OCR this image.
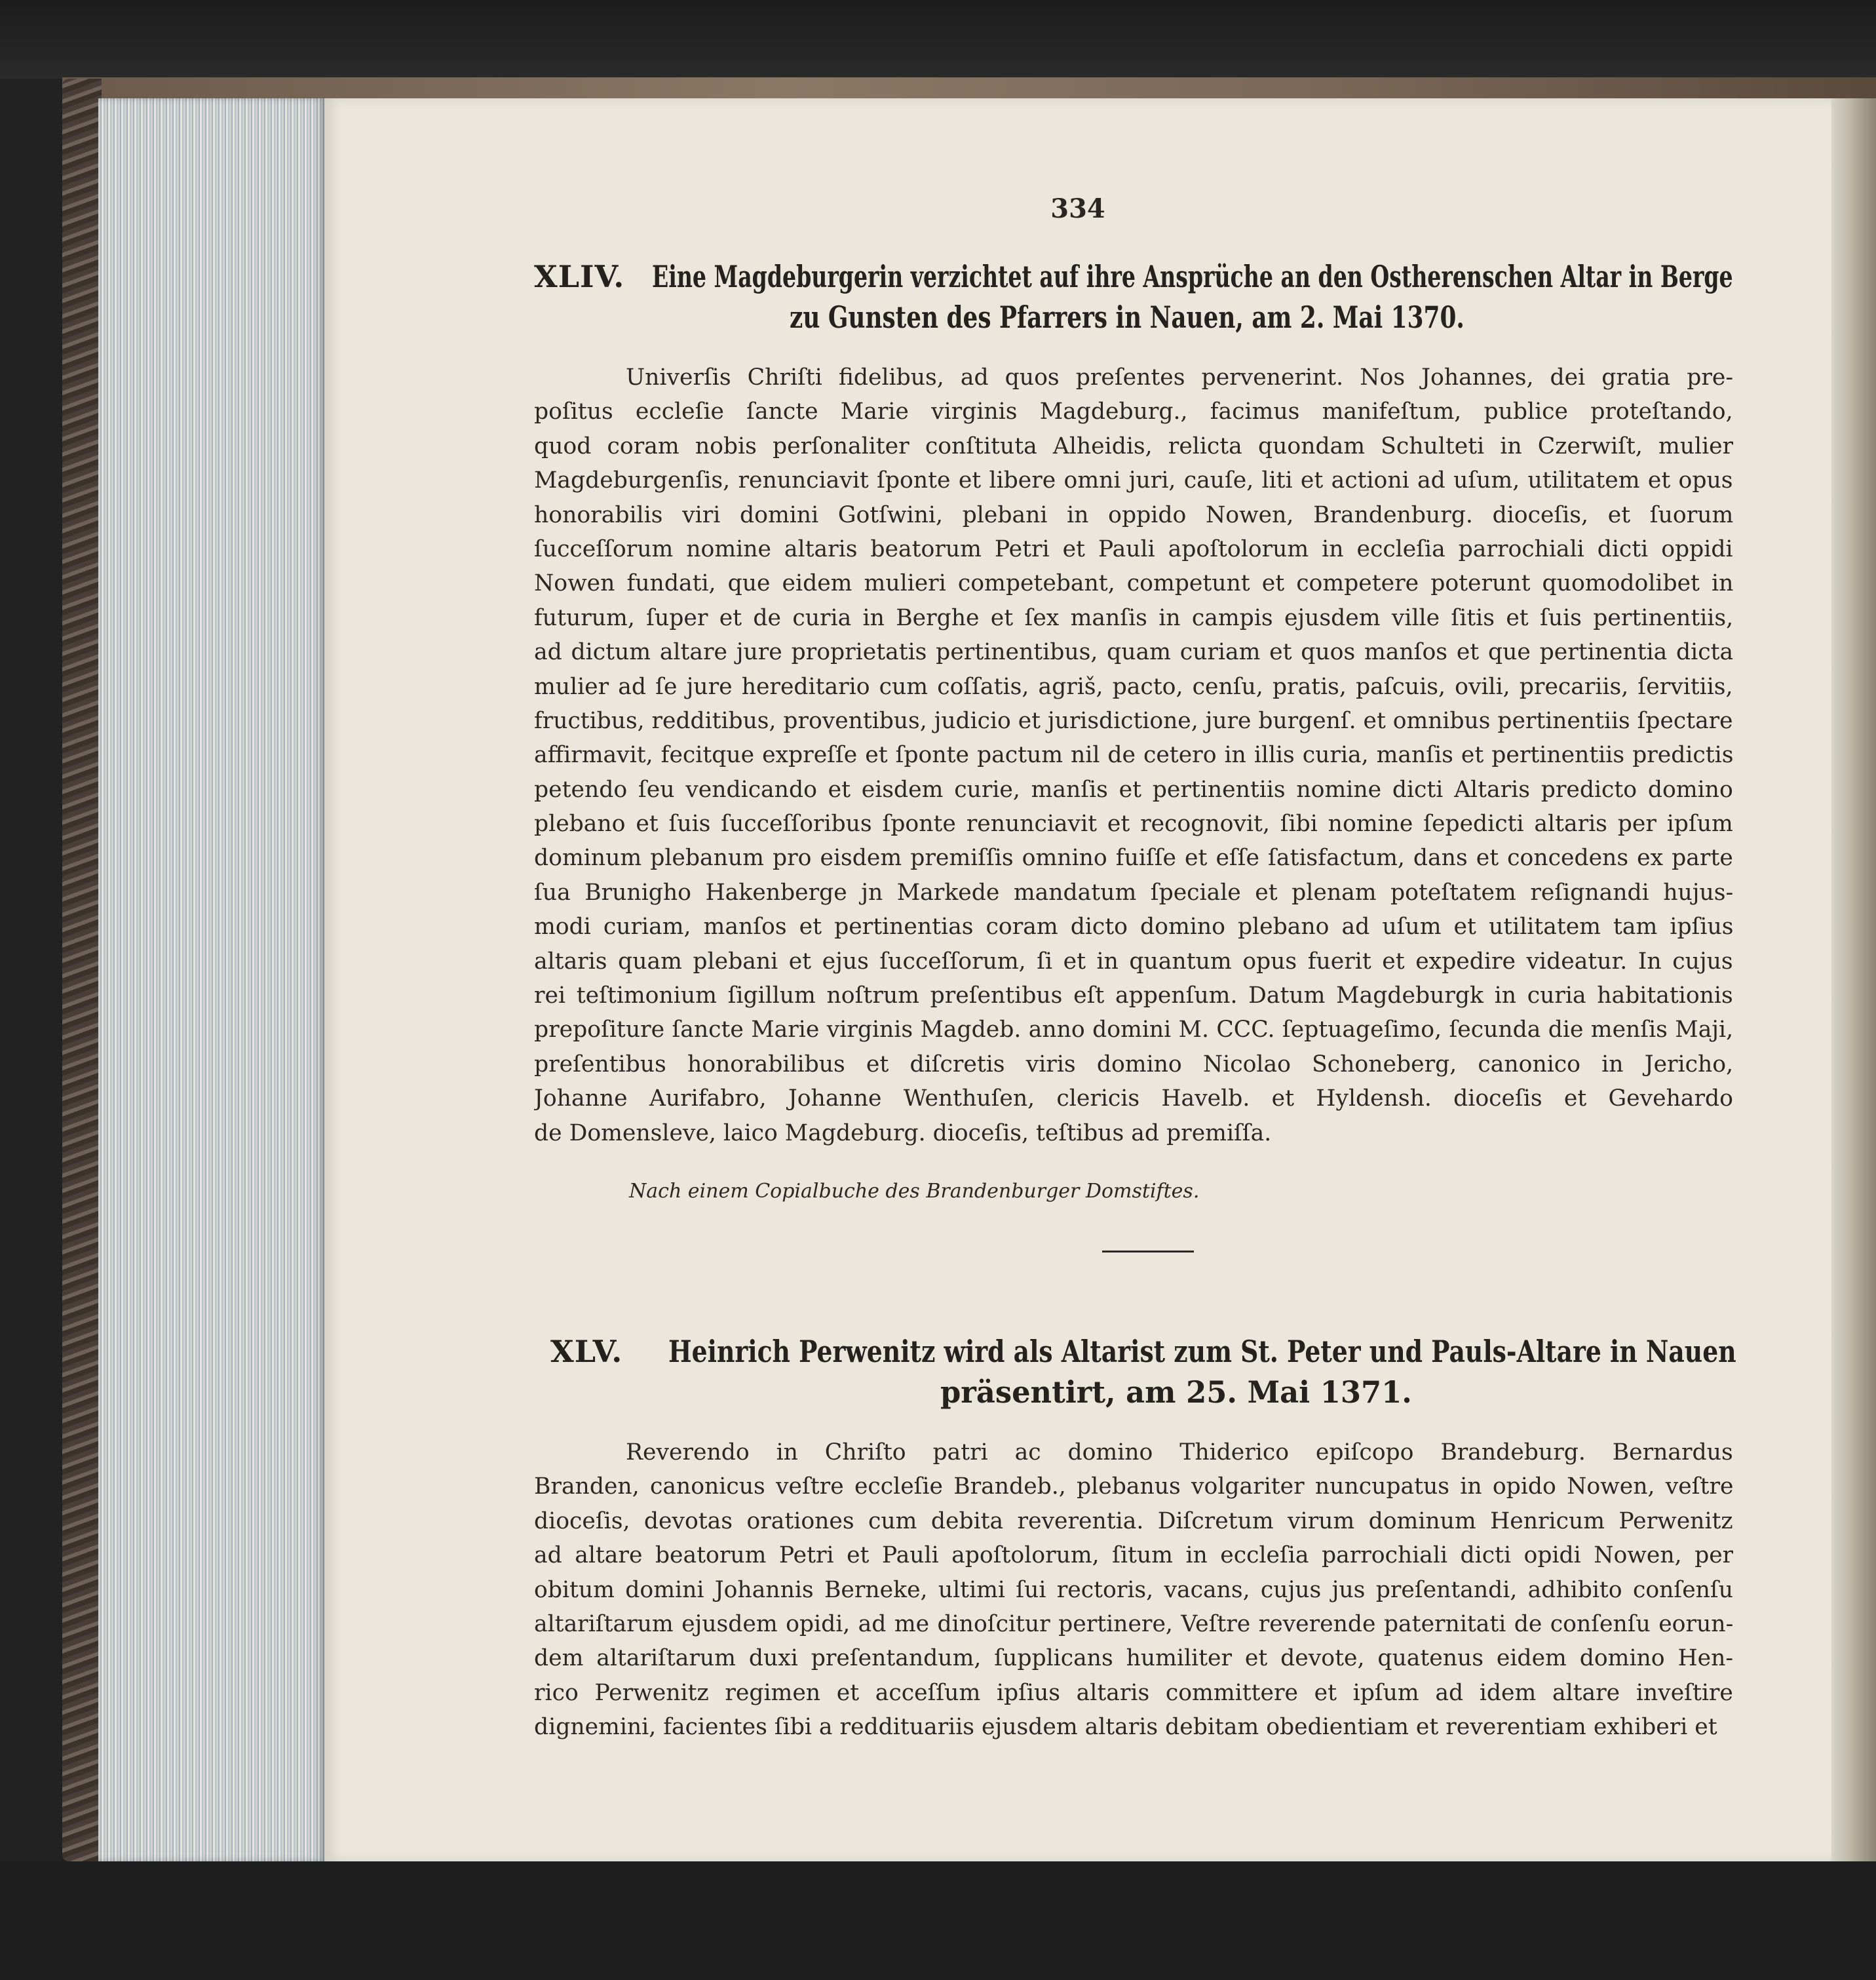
334
XLIV. Eine Magdeburgerin verzichtet auf ihre Ansprüche an den Ostherenschen Altar in Berge
zu Gunsten des Pfarrers in Nauen, am 2. Mai 1370.
Univerſis Chriſti fidelibus, ad quos preſentes pervenerint. Nos Johannes, dei gratia pre-
poſitus eccleſie ſancte Marie virginis Magdeburg., facimus manifeſtum, publice proteſtando,
quod coram nobis perſonaliter conſtituta Alheidis, relicta quondam Schulteti in Czerwiſt, mulier
Magdeburgenſis, renunciavit ſponte et libere omni juri, cauſe, liti et actioni ad uſum, utilitatem et opus
honorabilis viri domini Gotſwini, plebani in oppido Nowen, Brandenburg. dioceſis, et ſuorum
ſucceſſorum nomine altaris beatorum Petri et Pauli apoſtolorum in eccleſia parrochiali dicti oppidi
Nowen fundati, que eidem mulieri competebant, competunt et competere poterunt quomodolibet in
futurum, ſuper et de curia in Berghe et ſex manſis in campis ejusdem ville ſitis et ſuis pertinentiis,
ad dictum altare jure proprietatis pertinentibus, quam curiam et quos manſos et que pertinentia dicta
mulier ad ſe jure hereditario cum coſſatis, agriš, pacto, cenſu, pratis, paſcuis, ovili, precariis, ſervitiis,
fructibus, redditibus, proventibus, judicio et jurisdictione, jure burgenſ. et omnibus pertinentiis ſpectare
affirmavit, fecitque expreſſe et ſponte pactum nil de cetero in illis curia, manſis et pertinentiis predictis
petendo ſeu vendicando et eisdem curie, manſis et pertinentiis nomine dicti Altaris predicto domino
plebano et ſuis ſucceſſoribus ſponte renunciavit et recognovit, ſibi nomine ſepedicti altaris per ipſum
dominum plebanum pro eisdem premiſſis omnino fuiſſe et eſſe ſatisfactum, dans et concedens ex parte
ſua Brunigho Hakenberge jn Markede mandatum ſpeciale et plenam poteſtatem reſignandi hujus-
modi curiam, manſos et pertinentias coram dicto domino plebano ad uſum et utilitatem tam ipſius
altaris quam plebani et ejus ſucceſſorum, ſi et in quantum opus fuerit et expedire videatur. In cujus
rei teſtimonium ſigillum noſtrum preſentibus eſt appenſum. Datum Magdeburgk in curia habitationis
prepoſiture ſancte Marie virginis Magdeb. anno domini M. CCC. ſeptuageſimo, ſecunda die menſis Maji,
preſentibus honorabilibus et diſcretis viris domino Nicolao Schoneberg, canonico in Jericho,
Johanne Aurifabro, Johanne Wenthuſen, clericis Havelb. et Hyldensh. dioceſis et Gevehardo
de Domensleve, laico Magdeburg. dioceſis, teſtibus ad premiſſa.
Nach einem Copialbuche des Brandenburger Domstiftes.
XLV. Heinrich Perwenitz wird als Altarist zum St. Peter und Pauls-Altare in Nauen
präsentirt, am 25. Mai 1371.
Reverendo in Chriſto patri ac domino Thiderico epiſcopo Brandeburg. Bernardus
Branden, canonicus veſtre eccleſie Brandeb., plebanus volgariter nuncupatus in opido Nowen, veſtre
dioceſis, devotas orationes cum debita reverentia. Diſcretum virum dominum Henricum Perwenitz
ad altare beatorum Petri et Pauli apoſtolorum, ſitum in eccleſia parrochiali dicti opidi Nowen, per
obitum domini Johannis Berneke, ultimi ſui rectoris, vacans, cujus jus preſentandi, adhibito conſenſu
altariſtarum ejusdem opidi, ad me dinoſcitur pertinere, Veſtre reverende paternitati de conſenſu eorun-
dem altariſtarum duxi preſentandum, ſupplicans humiliter et devote, quatenus eidem domino Hen-
rico Perwenitz regimen et acceſſum ipſius altaris committere et ipſum ad idem altare inveſtire
dignemini, facientes ſibi a reddituariis ejusdem altaris debitam obedientiam et reverentiam exhiberi et
